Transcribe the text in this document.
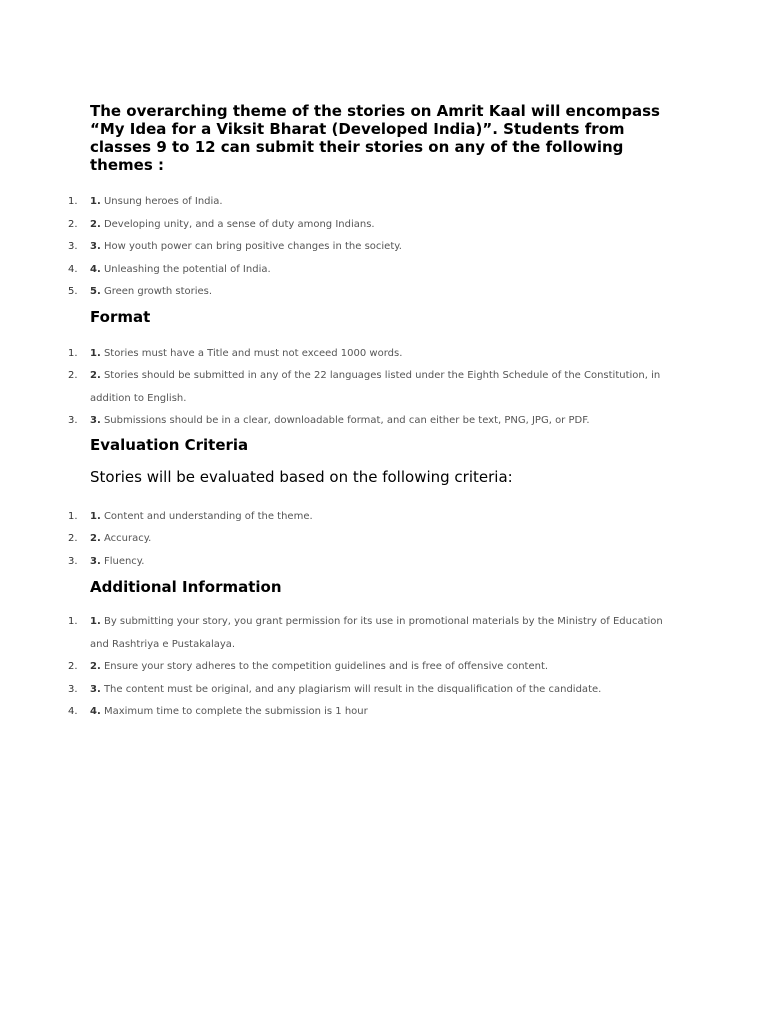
The overarching theme of the stories on Amrit Kaal will encompass “My Idea for a Viksit Bharat (Developed India)”. Students from classes 9 to 12 can submit their stories on any of the following themes :

1. 1. Unsung heroes of India.
2. 2. Developing unity, and a sense of duty among Indians.
3. 3. How youth power can bring positive changes in the society.
4. 4. Unleashing the potential of India.
5. 5. Green growth stories.
Format
1. 1. Stories must have a Title and must not exceed 1000 words.
2. 2. Stories should be submitted in any of the 22 languages listed under the Eighth Schedule of the Constitution, in addition to English.
3. 3. Submissions should be in a clear, downloadable format, and can either be text, PNG, JPG, or PDF.
Evaluation Criteria

Stories will be evaluated based on the following criteria:

1. 1. Content and understanding of the theme.
2. 2. Accuracy.
3. 3. Fluency.
Additional Information
1. 1. By submitting your story, you grant permission for its use in promotional materials by the Ministry of Education and Rashtriya e Pustakalaya.
2. 2. Ensure your story adheres to the competition guidelines and is free of offensive content.
3. 3. The content must be original, and any plagiarism will result in the disqualification of the candidate.
4. 4. Maximum time to complete the submission is 1 hour
